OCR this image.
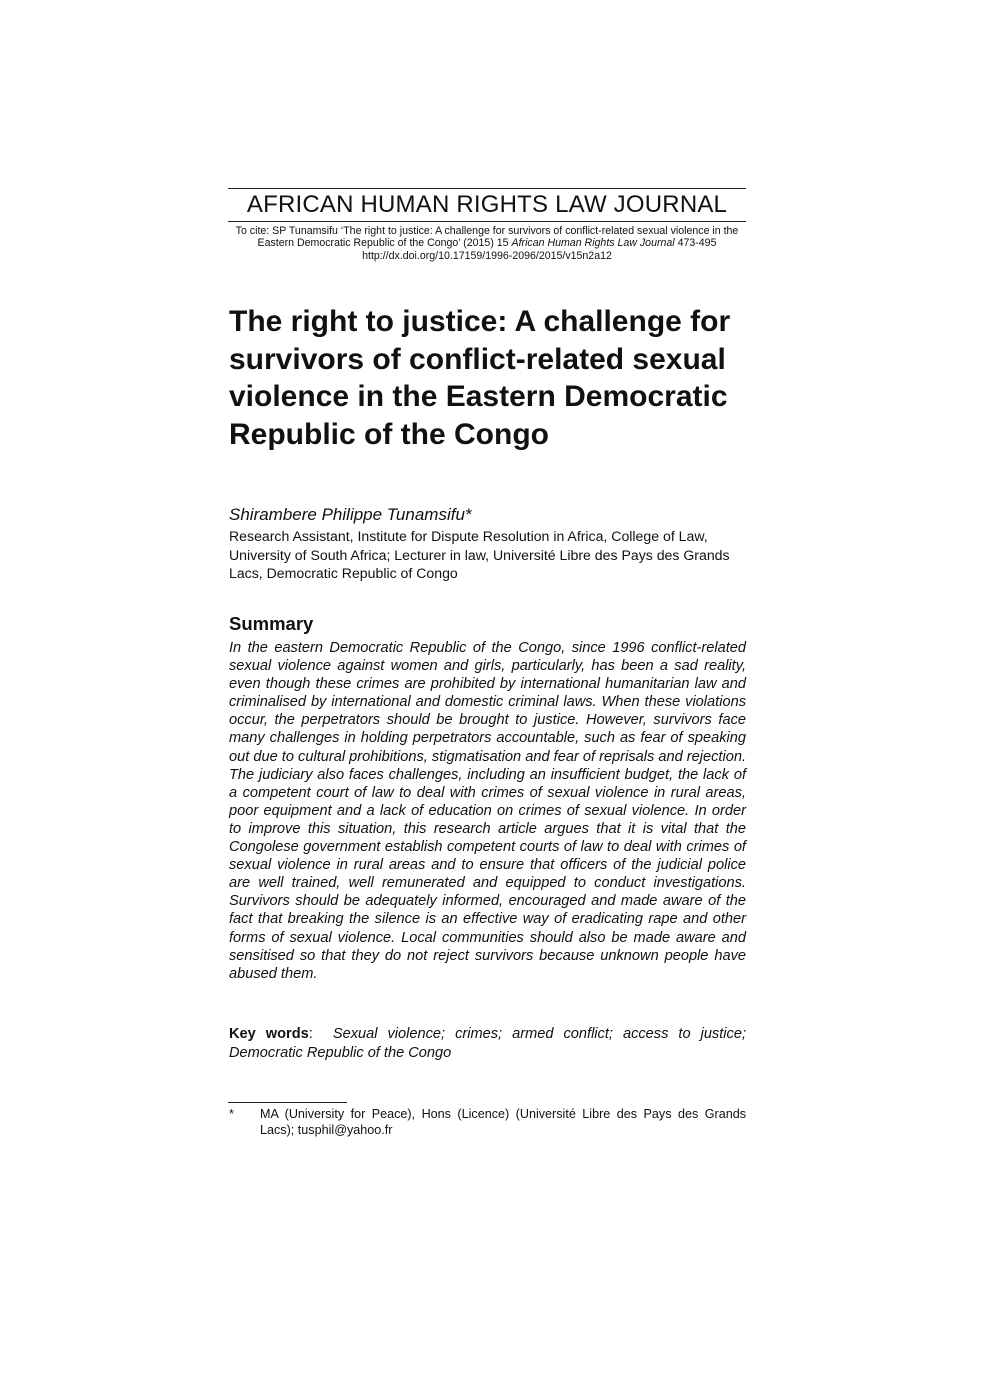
AFRICAN HUMAN RIGHTS LAW JOURNAL
To cite: SP Tunamsifu ‘The right to justice: A challenge for survivors of conflict-related sexual violence in the Eastern Democratic Republic of the Congo’ (2015) 15 African Human Rights Law Journal 473-495
http://dx.doi.org/10.17159/1996-2096/2015/v15n2a12
The right to justice: A challenge for
survivors of conflict-related sexual
violence in the Eastern Democratic
Republic of the Congo
Shirambere Philippe Tunamsifu*
Research Assistant, Institute for Dispute Resolution in Africa, College of Law, University of South Africa; Lecturer in law, Université Libre des Pays des Grands Lacs, Democratic Republic of Congo
Summary

In the eastern Democratic Republic of the Congo, since 1996 conflict-related sexual violence against women and girls, particularly, has been a sad reality, even though these crimes are prohibited by international humanitarian law and criminalised by international and domestic criminal laws. When these violations occur, the perpetrators should be brought to justice. However, survivors face many challenges in holding perpetrators accountable, such as fear of speaking out due to cultural prohibitions, stigmatisation and fear of reprisals and rejection. The judiciary also faces challenges, including an insufficient budget, the lack of a competent court of law to deal with crimes of sexual violence in rural areas, poor equipment and a lack of education on crimes of sexual violence. In order to improve this situation, this research article argues that it is vital that the Congolese government establish competent courts of law to deal with crimes of sexual violence in rural areas and to ensure that officers of the judicial police are well trained, well remunerated and equipped to conduct investigations. Survivors should be adequately informed, encouraged and made aware of the fact that breaking the silence is an effective way of eradicating rape and other forms of sexual violence. Local communities should also be made aware and sensitised so that they do not reject survivors because unknown people have abused them.

Key words:  Sexual violence; crimes; armed conflict; access to justice; Democratic Republic of the Congo

* MA (University for Peace), Hons (Licence) (Université Libre des Pays des Grands Lacs); tusphil@yahoo.fr
